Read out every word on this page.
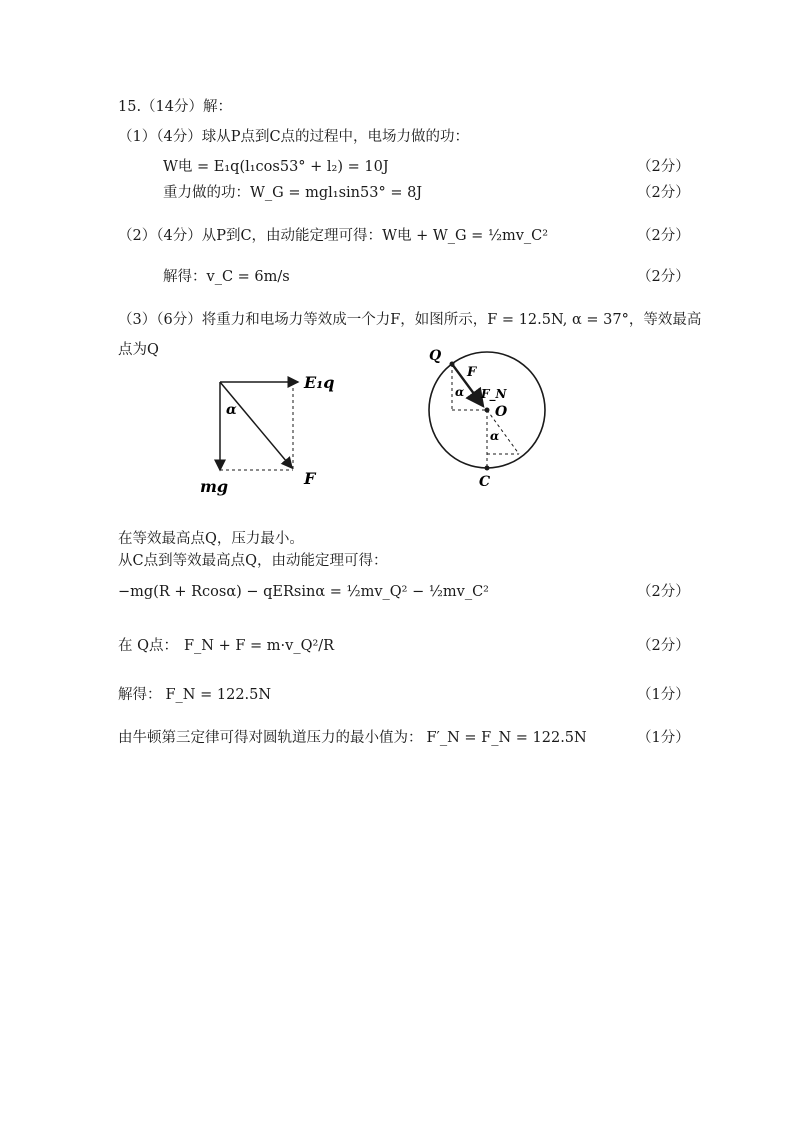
15.（14分）解：
（1）（4分）球从P点到C点的过程中，电场力做的功：
W电 = E₁q(l₁cos53° + l₂) = 10J	（2分）
重力做的功：W_G = mgl₁sin53° = 8J	（2分）
（2）（4分）从P到C，由动能定理可得：W电 + W_G = ½mv_C²	（2分）
解得：v_C = 6m/s	（2分）
（3）（6分）将重力和电场力等效成一个力F，如图所示，F = 12.5N, α = 37°，等效最高
点为Q
E₁q
α
mg	F
Q
F
F_N
O
α
α
C
在等效最高点Q，压力最小。
从C点到等效最高点Q，由动能定理可得：
−mg(R + Rcosα) − qERsinα = ½mv_Q² − ½mv_C²	（2分）
在 Q点： F_N + F = m·v_Q²/R	（2分）
解得： F_N = 122.5N	（1分）
由牛顿第三定律可得对圆轨道压力的最小值为： F′_N = F_N = 122.5N	（1分）
